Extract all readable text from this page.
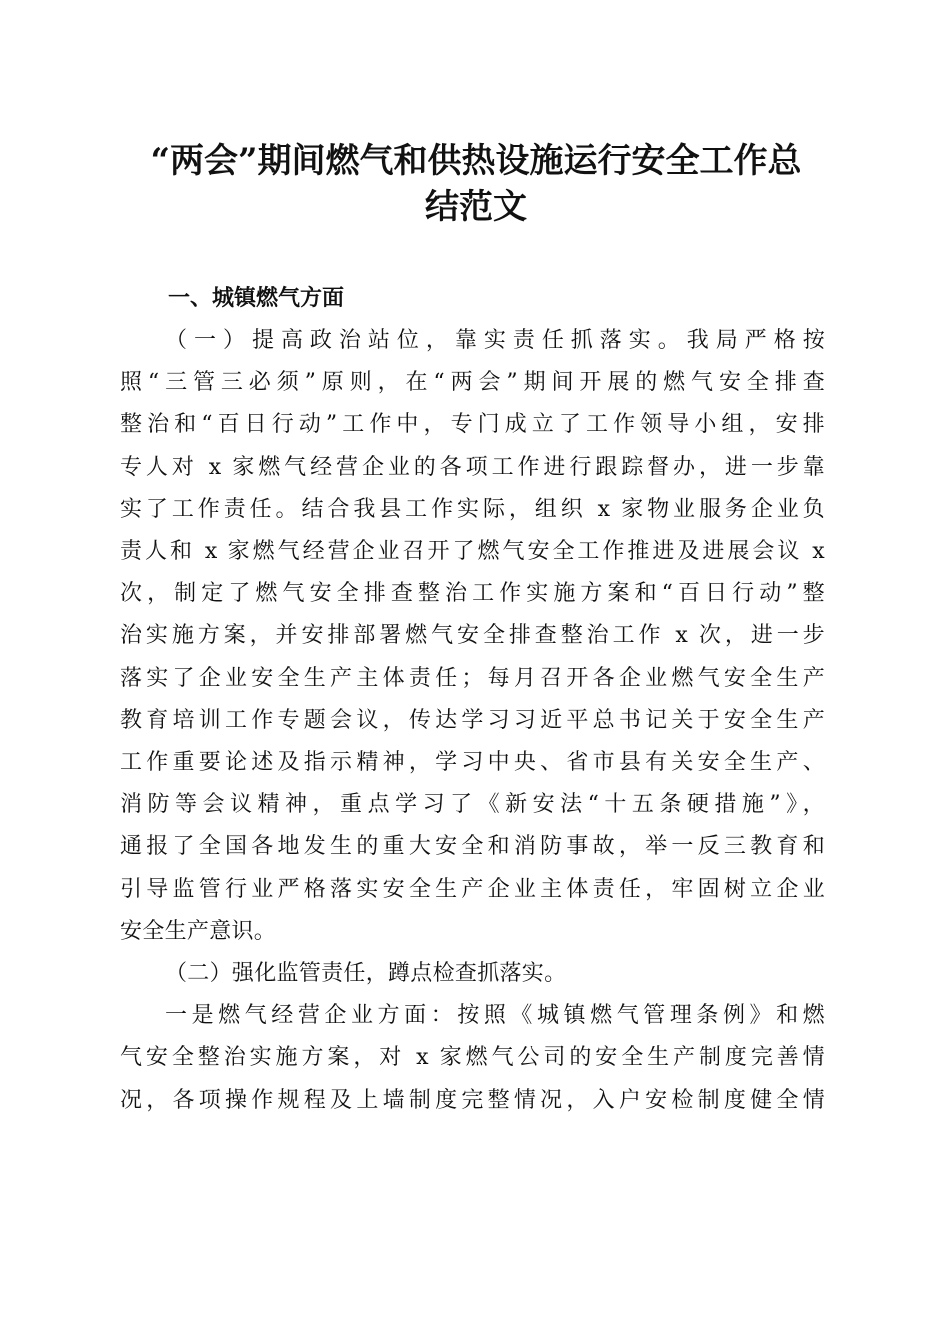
“两会”期间燃气和供热设施运行安全工作总
结范文
一、城镇燃气方面
（一）提高政治站位，靠实责任抓落实。我局严格按
照“三管三必须”原则，在“两会”期间开展的燃气安全排查
整治和“百日行动”工作中，专门成立了工作领导小组，安排
专人对 x 家燃气经营企业的各项工作进行跟踪督办，进一步靠
实了工作责任。结合我县工作实际，组织 x 家物业服务企业负
责人和 x 家燃气经营企业召开了燃气安全工作推进及进展会议 x
次，制定了燃气安全排查整治工作实施方案和“百日行动”整
治实施方案，并安排部署燃气安全排查整治工作 x 次，进一步
落实了企业安全生产主体责任；每月召开各企业燃气安全生产
教育培训工作专题会议，传达学习习近平总书记关于安全生产
工作重要论述及指示精神，学习中央、省市县有关安全生产、
消防等会议精神，重点学习了《新安法“十五条硬措施”》，
通报了全国各地发生的重大安全和消防事故，举一反三教育和
引导监管行业严格落实安全生产企业主体责任，牢固树立企业
安全生产意识。
（二）强化监管责任，蹲点检查抓落实。
一是燃气经营企业方面：按照《城镇燃气管理条例》和燃
气安全整治实施方案，对 x 家燃气公司的安全生产制度完善情
况，各项操作规程及上墙制度完整情况，入户安检制度健全情
